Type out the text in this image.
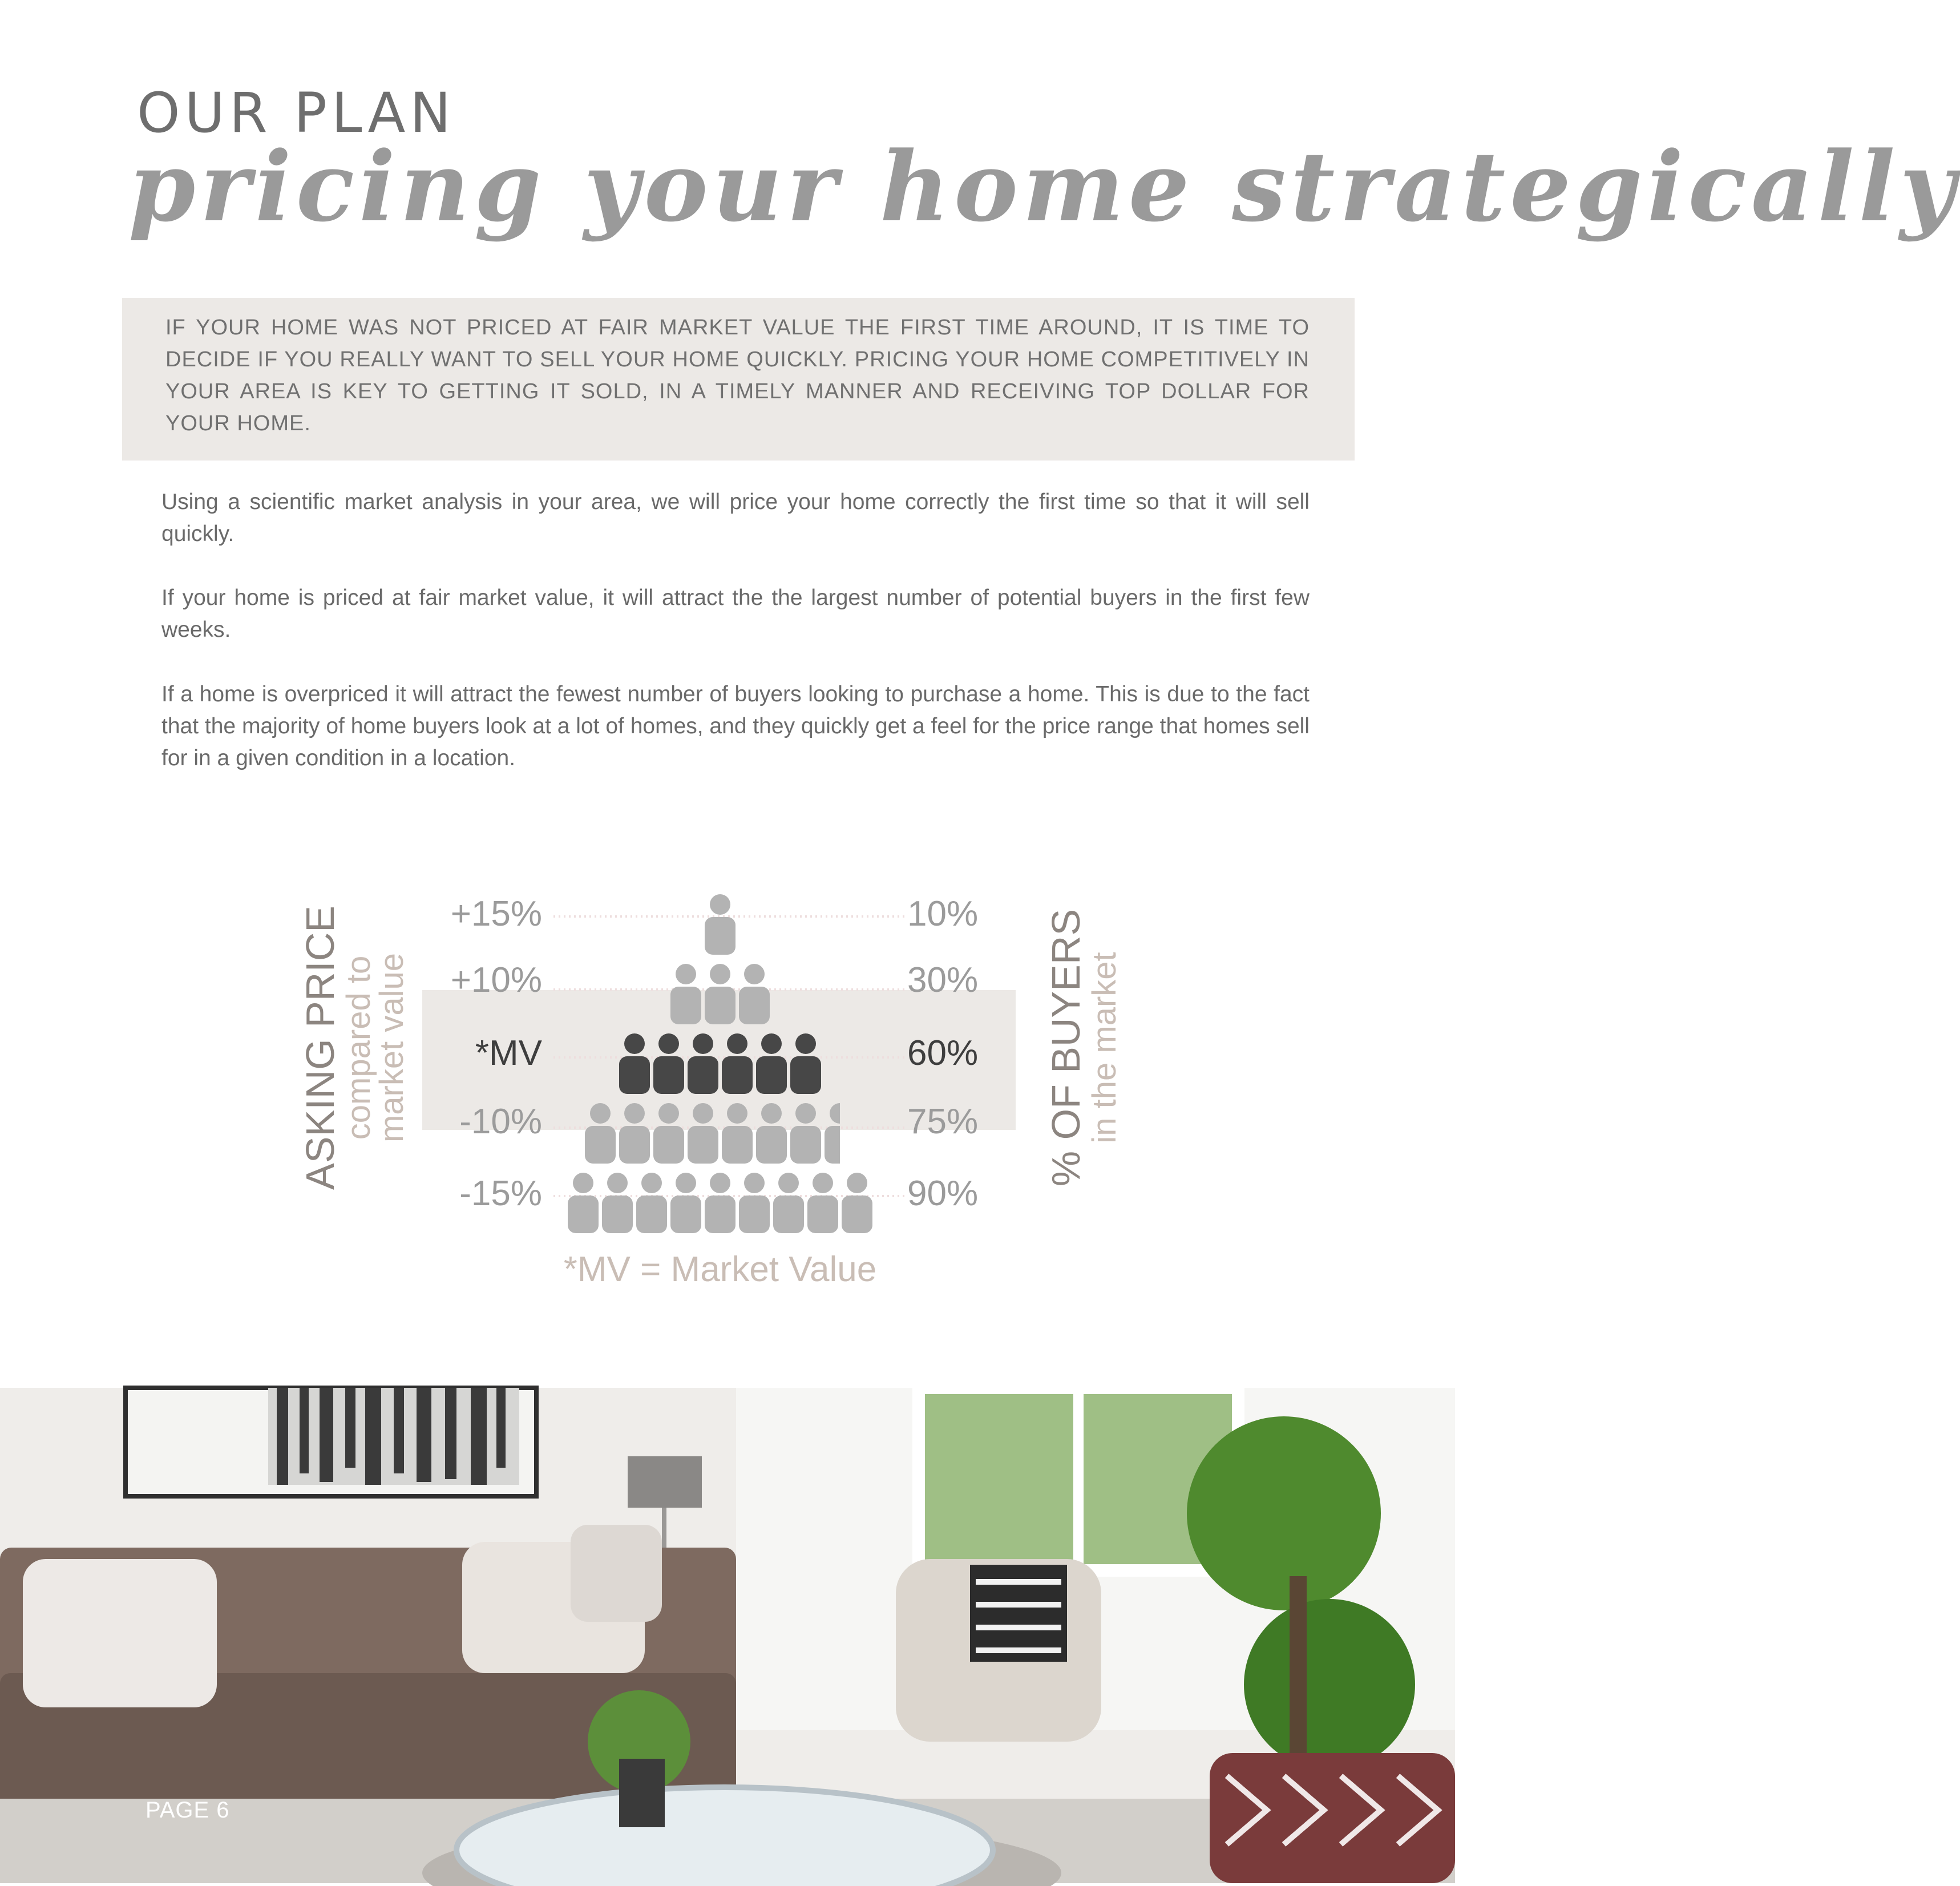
OUR PLAN
pricing your home strategically

IF YOUR HOME WAS NOT PRICED AT FAIR MARKET VALUE THE FIRST TIME AROUND, IT IS TIME TO DECIDE IF YOU REALLY WANT TO SELL YOUR HOME QUICKLY. PRICING YOUR HOME COMPETITIVELY IN YOUR AREA IS KEY TO GETTING IT SOLD, IN A TIMELY MANNER AND RECEIVING TOP DOLLAR FOR YOUR HOME.

Using a scientific market analysis in your area, we will price your home correctly the first time so that it will sell quickly.

If your home is priced at fair market value, it will attract the the largest number of potential buyers in the first few weeks.

If a home is overpriced it will attract the fewest number of buyers looking to purchase a home. This is due to the fact that the majority of home buyers look at a lot of homes, and they quickly get a feel for the price range that homes sell for in a given condition in a location.

+15%	10%
+10%	30%
*MV	60%
-10%	75%
-15%	90%
ASKING PRICE
compared to
market value	% OF BUYERS
in the market
*MV = Market Value

PAGE 6
